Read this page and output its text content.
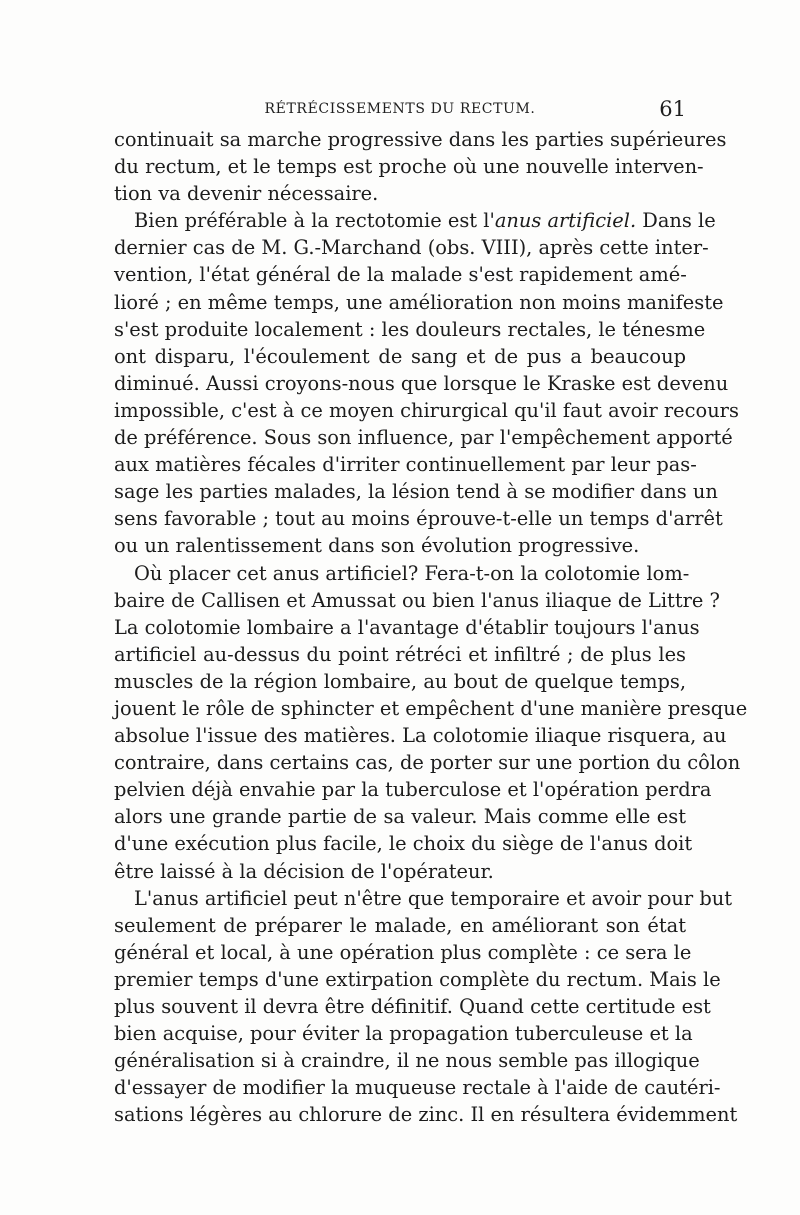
RÉTRÉCISSEMENTS DU RECTUM.	61
continuait sa marche progressive dans les parties supérieures
du rectum, et le temps est proche où une nouvelle interven-
tion va devenir nécessaire.
Bien préférable à la rectotomie est l'anus artificiel. Dans le
dernier cas de M. G.-Marchand (obs. VIII), après cette inter-
vention, l'état général de la malade s'est rapidement amé-
lioré ; en même temps, une amélioration non moins manifeste
s'est produite localement : les douleurs rectales, le ténesme
ont disparu, l'écoulement de sang et de pus a beaucoup
diminué. Aussi croyons-nous que lorsque le Kraske est devenu
impossible, c'est à ce moyen chirurgical qu'il faut avoir recours
de préférence. Sous son influence, par l'empêchement apporté
aux matières fécales d'irriter continuellement par leur pas-
sage les parties malades, la lésion tend à se modifier dans un
sens favorable ; tout au moins éprouve-t-elle un temps d'arrêt
ou un ralentissement dans son évolution progressive.
Où placer cet anus artificiel? Fera-t-on la colotomie lom-
baire de Callisen et Amussat ou bien l'anus iliaque de Littre ?
La colotomie lombaire a l'avantage d'établir toujours l'anus
artificiel au-dessus du point rétréci et infiltré ; de plus les
muscles de la région lombaire, au bout de quelque temps,
jouent le rôle de sphincter et empêchent d'une manière presque
absolue l'issue des matières. La colotomie iliaque risquera, au
contraire, dans certains cas, de porter sur une portion du côlon
pelvien déjà envahie par la tuberculose et l'opération perdra
alors une grande partie de sa valeur. Mais comme elle est
d'une exécution plus facile, le choix du siège de l'anus doit
être laissé à la décision de l'opérateur.
L'anus artificiel peut n'être que temporaire et avoir pour but
seulement de préparer le malade, en améliorant son état
général et local, à une opération plus complète : ce sera le
premier temps d'une extirpation complète du rectum. Mais le
plus souvent il devra être définitif. Quand cette certitude est
bien acquise, pour éviter la propagation tuberculeuse et la
généralisation si à craindre, il ne nous semble pas illogique
d'essayer de modifier la muqueuse rectale à l'aide de cautéri-
sations légères au chlorure de zinc. Il en résultera évidemment
